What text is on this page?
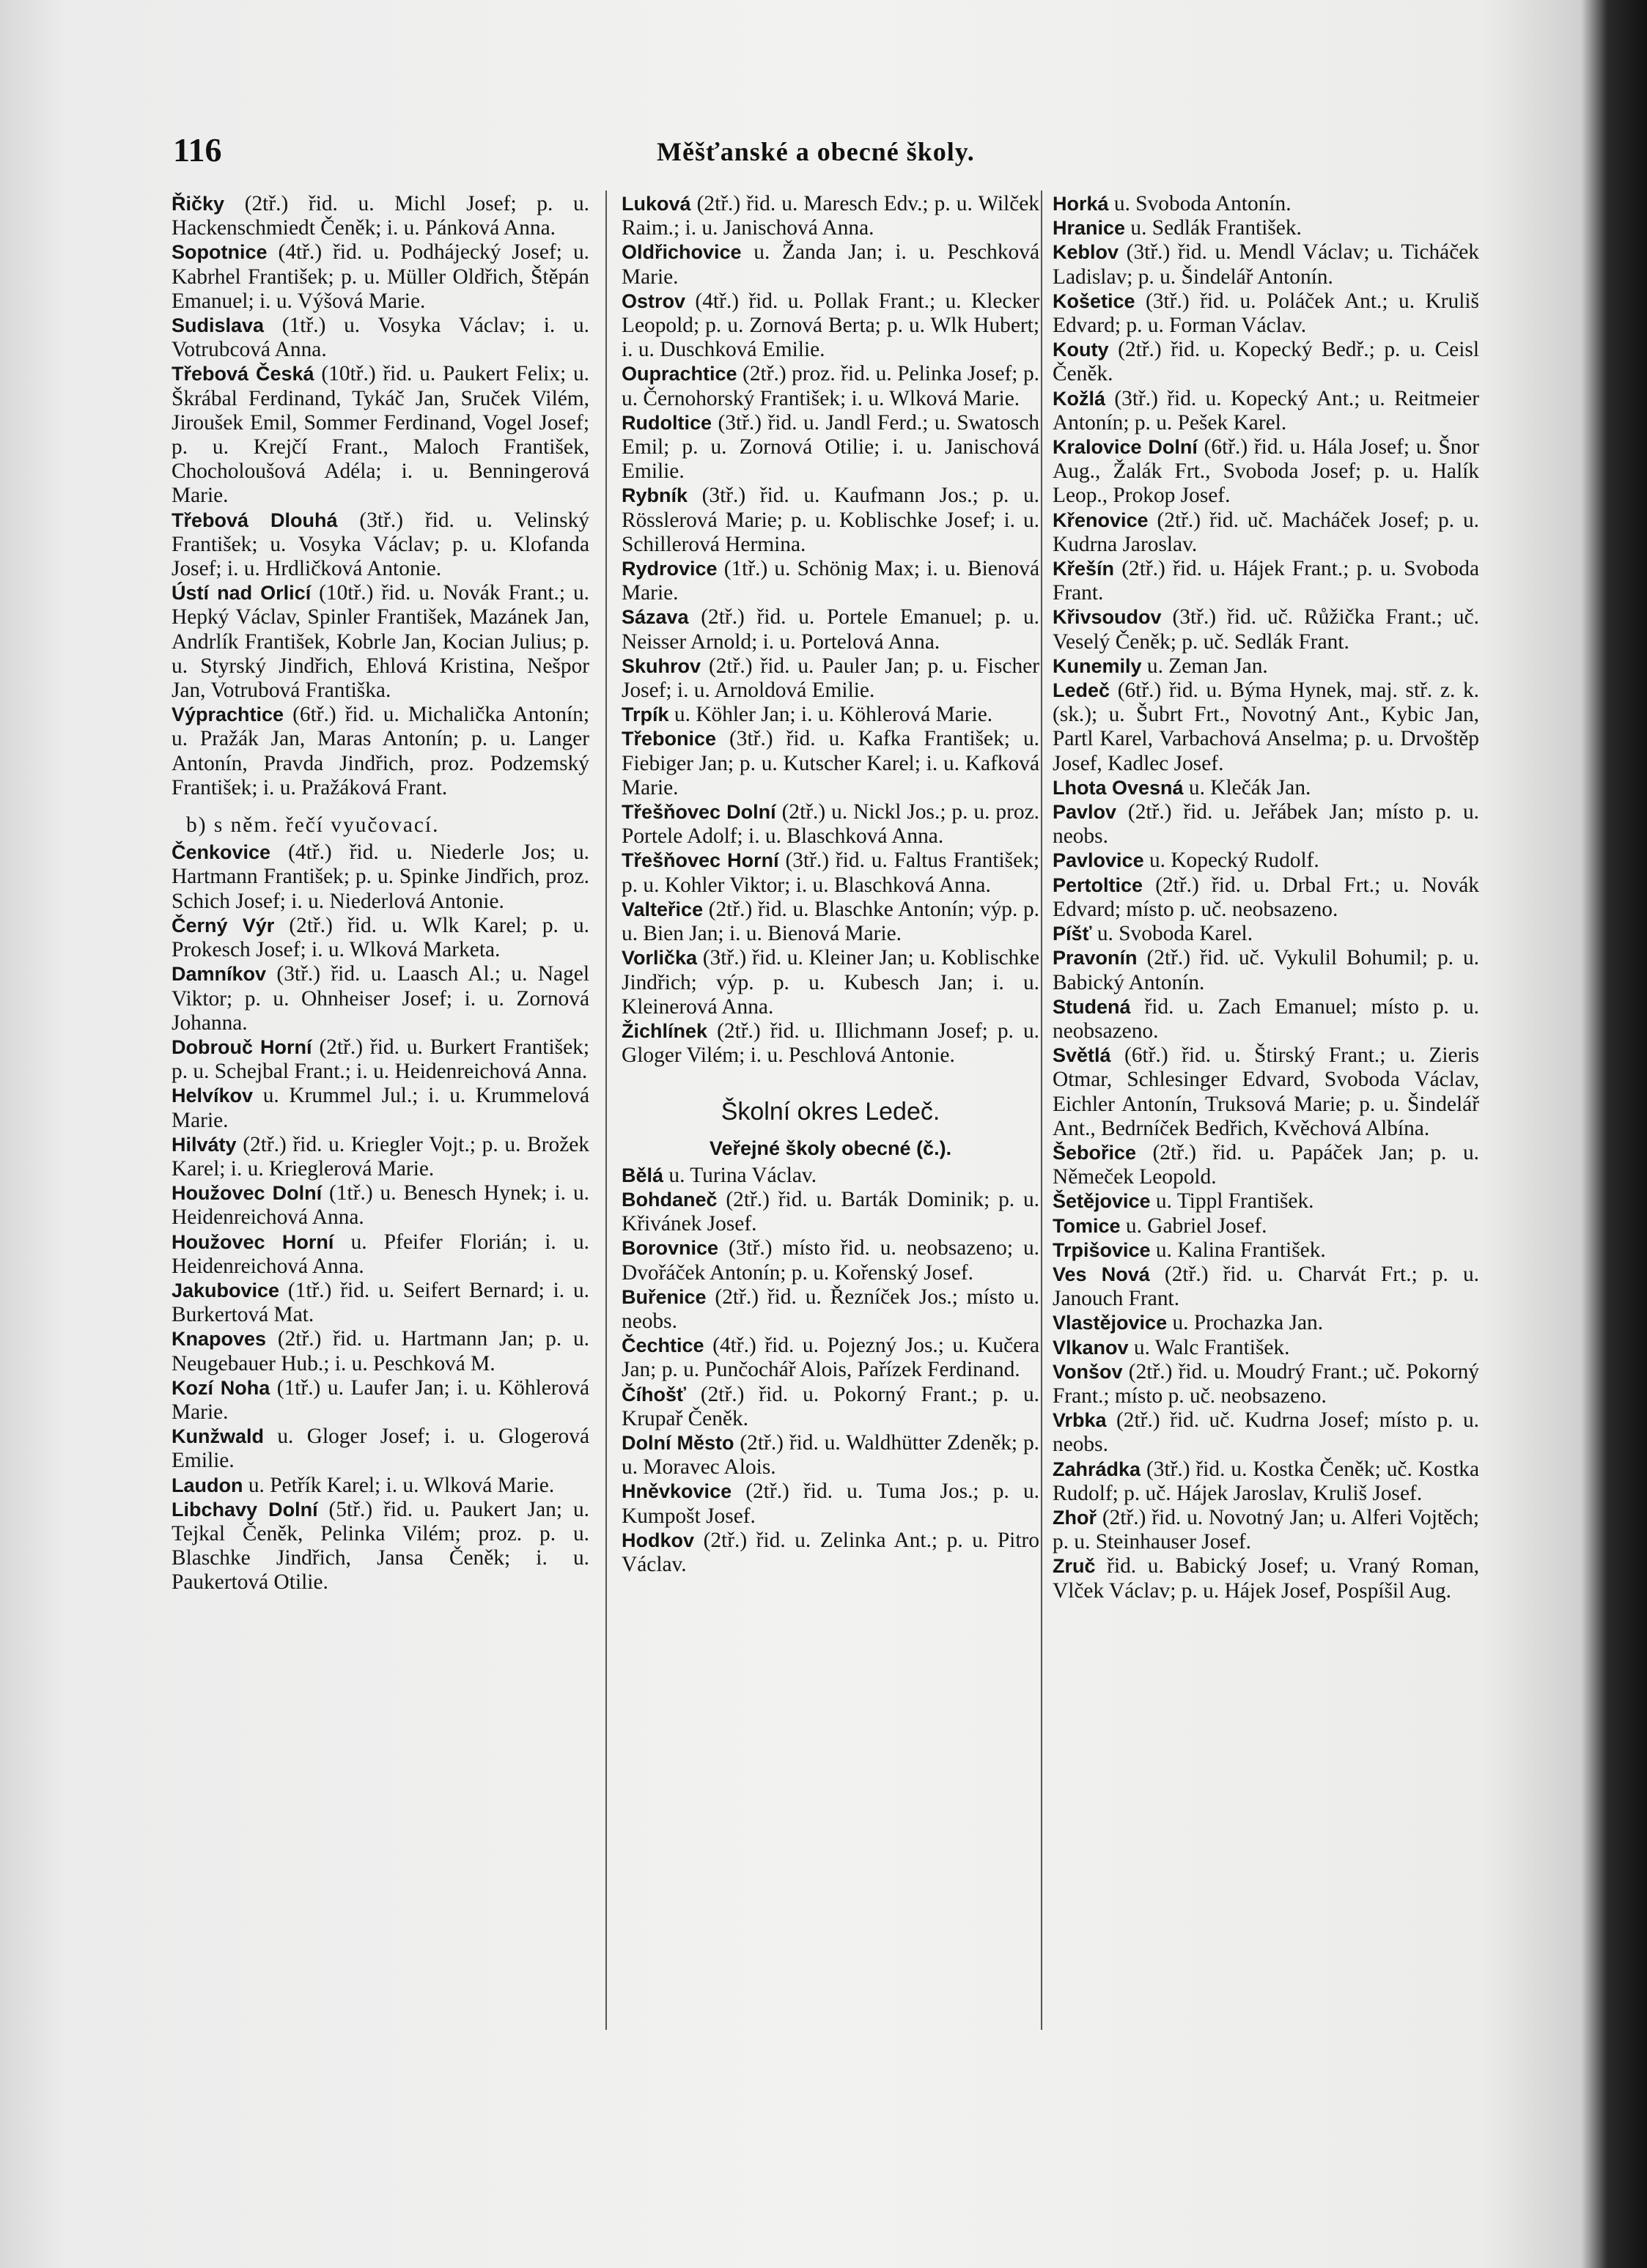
116	Měšťanské a obecné školy.

Řičky (2tř.) řid. u. Michl Josef; p. u. Hackenschmiedt Čeněk; i. u. Pánková Anna.

Sopotnice (4tř.) řid. u. Podhájecký Josef; u. Kabrhel František; p. u. Müller Oldřich, Štěpán Emanuel; i. u. Výšová Marie.

Sudislava (1tř.) u. Vosyka Václav; i. u. Votrubcová Anna.

Třebová Česká (10tř.) řid. u. Paukert Felix; u. Škrábal Ferdinand, Tykáč Jan, Sruček Vilém, Jiroušek Emil, Sommer Ferdinand, Vogel Josef; p. u. Krejčí Frant., Maloch František, Chocholoušová Adéla; i. u. Benningerová Marie.

Třebová Dlouhá (3tř.) řid. u. Velinský František; u. Vosyka Václav; p. u. Klofanda Josef; i. u. Hrdličková Antonie.

Ústí nad Orlicí (10tř.) řid. u. Novák Frant.; u. Hepký Václav, Spinler František, Mazánek Jan, Andrlík František, Kobrle Jan, Kocian Julius; p. u. Styrský Jindřich, Ehlová Kristina, Nešpor Jan, Votrubová Františka.

Výprachtice (6tř.) řid. u. Michalička Antonín; u. Pražák Jan, Maras Antonín; p. u. Langer Antonín, Pravda Jindřich, proz. Podzemský František; i. u. Pražáková Frant.

b) s něm. řečí vyučovací.

Čenkovice (4tř.) řid. u. Niederle Jos; u. Hartmann František; p. u. Spinke Jindřich, proz. Schich Josef; i. u. Niederlová Antonie.

Černý Výr (2tř.) řid. u. Wlk Karel; p. u. Prokesch Josef; i. u. Wlková Marketa.

Damníkov (3tř.) řid. u. Laasch Al.; u. Nagel Viktor; p. u. Ohnheiser Josef; i. u. Zornová Johanna.

Dobrouč Horní (2tř.) řid. u. Burkert František; p. u. Schejbal Frant.; i. u. Heidenreichová Anna.

Helvíkov u. Krummel Jul.; i. u. Krummelová Marie.

Hilváty (2tř.) řid. u. Kriegler Vojt.; p. u. Brožek Karel; i. u. Krieglerová Marie.

Houžovec Dolní (1tř.) u. Benesch Hynek; i. u. Heidenreichová Anna.

Houžovec Horní u. Pfeifer Florián; i. u. Heidenreichová Anna.

Jakubovice (1tř.) řid. u. Seifert Bernard; i. u. Burkertová Mat.

Knapoves (2tř.) řid. u. Hartmann Jan; p. u. Neugebauer Hub.; i. u. Peschková M.

Kozí Noha (1tř.) u. Laufer Jan; i. u. Köhlerová Marie.

Kunžwald u. Gloger Josef; i. u. Glogerová Emilie.

Laudon u. Petřík Karel; i. u. Wlková Marie.

Libchavy Dolní (5tř.) řid. u. Paukert Jan; u. Tejkal Čeněk, Pelinka Vilém; proz. p. u. Blaschke Jindřich, Jansa Čeněk; i. u. Paukertová Otilie.

Luková (2tř.) řid. u. Maresch Edv.; p. u. Wilček Raim.; i. u. Janischová Anna.

Oldřichovice u. Žanda Jan; i. u. Peschková Marie.

Ostrov (4tř.) řid. u. Pollak Frant.; u. Klecker Leopold; p. u. Zornová Berta; p. u. Wlk Hubert; i. u. Duschková Emilie.

Ouprachtice (2tř.) proz. řid. u. Pelinka Josef; p. u. Černohorský František; i. u. Wlková Marie.

Rudoltice (3tř.) řid. u. Jandl Ferd.; u. Swatosch Emil; p. u. Zornová Otilie; i. u. Janischová Emilie.

Rybník (3tř.) řid. u. Kaufmann Jos.; p. u. Rösslerová Marie; p. u. Koblischke Josef; i. u. Schillerová Hermina.

Rydrovice (1tř.) u. Schönig Max; i. u. Bienová Marie.

Sázava (2tř.) řid. u. Portele Emanuel; p. u. Neisser Arnold; i. u. Portelová Anna.

Skuhrov (2tř.) řid. u. Pauler Jan; p. u. Fischer Josef; i. u. Arnoldová Emilie.

Trpík u. Köhler Jan; i. u. Köhlerová Marie.

Třebonice (3tř.) řid. u. Kafka František; u. Fiebiger Jan; p. u. Kutscher Karel; i. u. Kafková Marie.

Třešňovec Dolní (2tř.) u. Nickl Jos.; p. u. proz. Portele Adolf; i. u. Blaschková Anna.

Třešňovec Horní (3tř.) řid. u. Faltus František; p. u. Kohler Viktor; i. u. Blaschková Anna.

Valteřice (2tř.) řid. u. Blaschke Antonín; výp. p. u. Bien Jan; i. u. Bienová Marie.

Vorlička (3tř.) řid. u. Kleiner Jan; u. Koblischke Jindřich; výp. p. u. Kubesch Jan; i. u. Kleinerová Anna.

Žichlínek (2tř.) řid. u. Illichmann Josef; p. u. Gloger Vilém; i. u. Peschlová Antonie.

Školní okres Ledeč.

Veřejné školy obecné (č.).

Bělá u. Turina Václav.

Bohdaneč (2tř.) řid. u. Barták Dominik; p. u. Křivánek Josef.

Borovnice (3tř.) místo řid. u. neobsazeno; u. Dvořáček Antonín; p. u. Kořenský Josef.

Buřenice (2tř.) řid. u. Řezníček Jos.; místo u. neobs.

Čechtice (4tř.) řid. u. Pojezný Jos.; u. Kučera Jan; p. u. Punčochář Alois, Pařízek Ferdinand.

Číhošť (2tř.) řid. u. Pokorný Frant.; p. u. Krupař Čeněk.

Dolní Město (2tř.) řid. u. Waldhütter Zdeněk; p. u. Moravec Alois.

Hněvkovice (2tř.) řid. u. Tuma Jos.; p. u. Kumpošt Josef.

Hodkov (2tř.) řid. u. Zelinka Ant.; p. u. Pitro Václav.

Horká u. Svoboda Antonín.

Hranice u. Sedlák František.

Keblov (3tř.) řid. u. Mendl Václav; u. Ticháček Ladislav; p. u. Šindelář Antonín.

Košetice (3tř.) řid. u. Poláček Ant.; u. Kruliš Edvard; p. u. Forman Václav.

Kouty (2tř.) řid. u. Kopecký Bedř.; p. u. Ceisl Čeněk.

Kožlá (3tř.) řid. u. Kopecký Ant.; u. Reitmeier Antonín; p. u. Pešek Karel.

Kralovice Dolní (6tř.) řid. u. Hála Josef; u. Šnor Aug., Žalák Frt., Svoboda Josef; p. u. Halík Leop., Prokop Josef.

Křenovice (2tř.) řid. uč. Macháček Josef; p. u. Kudrna Jaroslav.

Křešín (2tř.) řid. u. Hájek Frant.; p. u. Svoboda Frant.

Křivsoudov (3tř.) řid. uč. Růžička Frant.; uč. Veselý Čeněk; p. uč. Sedlák Frant.

Kunemily u. Zeman Jan.

Ledeč (6tř.) řid. u. Býma Hynek, maj. stř. z. k. (sk.); u. Šubrt Frt., Novotný Ant., Kybic Jan, Partl Karel, Varbachová Anselma; p. u. Drvoštěp Josef, Kadlec Josef.

Lhota Ovesná u. Klečák Jan.

Pavlov (2tř.) řid. u. Jeřábek Jan; místo p. u. neobs.

Pavlovice u. Kopecký Rudolf.

Pertoltice (2tř.) řid. u. Drbal Frt.; u. Novák Edvard; místo p. uč. neobsazeno.

Píšť u. Svoboda Karel.

Pravonín (2tř.) řid. uč. Vykulil Bohumil; p. u. Babický Antonín.

Studená řid. u. Zach Emanuel; místo p. u. neobsazeno.

Světlá (6tř.) řid. u. Štirský Frant.; u. Zieris Otmar, Schlesinger Edvard, Svoboda Václav, Eichler Antonín, Truksová Marie; p. u. Šindelář Ant., Bedrníček Bedřich, Kvěchová Albína.

Šebořice (2tř.) řid. u. Papáček Jan; p. u. Němeček Leopold.

Šetějovice u. Tippl František.

Tomice u. Gabriel Josef.

Trpišovice u. Kalina František.

Ves Nová (2tř.) řid. u. Charvát Frt.; p. u. Janouch Frant.

Vlastějovice u. Prochazka Jan.

Vlkanov u. Walc František.

Vonšov (2tř.) řid. u. Moudrý Frant.; uč. Pokorný Frant.; místo p. uč. neobsazeno.

Vrbka (2tř.) řid. uč. Kudrna Josef; místo p. u. neobs.

Zahrádka (3tř.) řid. u. Kostka Čeněk; uč. Kostka Rudolf; p. uč. Hájek Jaroslav, Kruliš Josef.

Zhoř (2tř.) řid. u. Novotný Jan; u. Alferi Vojtěch; p. u. Steinhauser Josef.

Zruč řid. u. Babický Josef; u. Vraný Roman, Vlček Václav; p. u. Hájek Josef, Pospíšil Aug.
